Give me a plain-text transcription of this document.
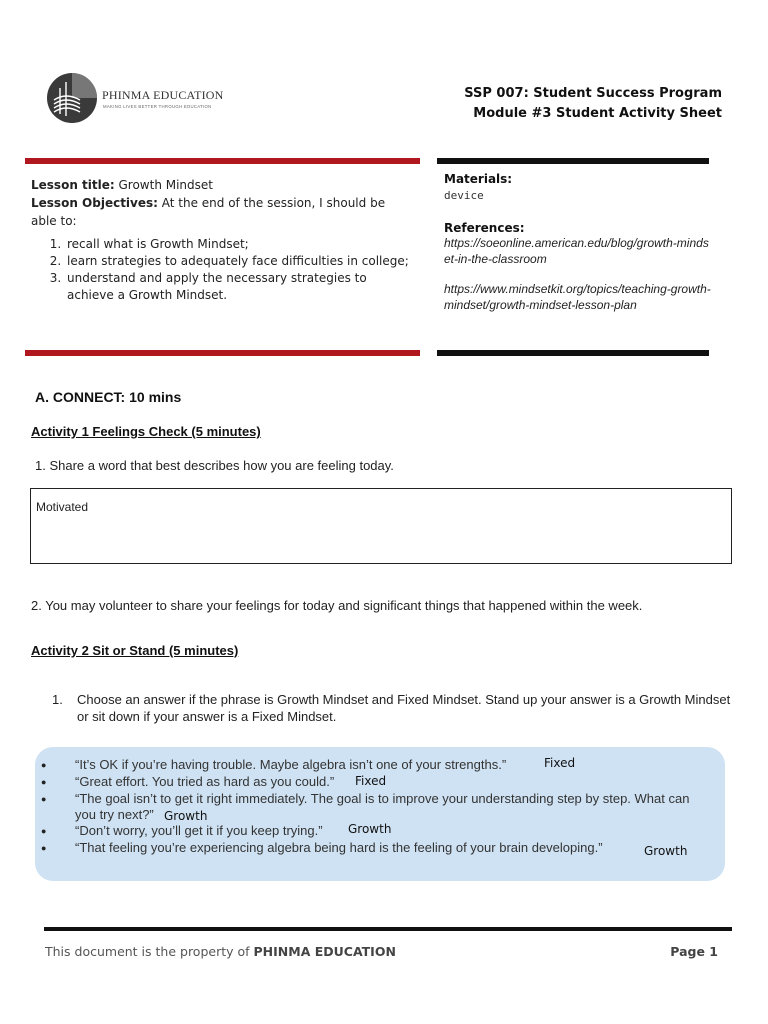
PHINMA EDUCATION
MAKING LIVES BETTER THROUGH EDUCATION
SSP 007: Student Success Program
Module #3 Student Activity Sheet
Lesson title: Growth Mindset
Lesson Objectives: At the end of the session, I should be able to:
1. recall what is Growth Mindset;
2. learn strategies to adequately face difficulties in college;
3. understand and apply the necessary strategies to achieve a Growth Mindset.
Materials:
device
References:
https://soeonline.american.edu/blog/growth-mindset-in-the-classroom
https://www.mindsetkit.org/topics/teaching-growth-mindset/growth-mindset-lesson-plan
A. CONNECT: 10 mins
Activity 1 Feelings Check (5 minutes)
1. Share a word that best describes how you are feeling today.
Motivated
2. You may volunteer to share your feelings for today and significant things that happened within the week.
Activity 2 Sit or Stand (5 minutes)
1. Choose an answer if the phrase is Growth Mindset and Fixed Mindset. Stand up your answer is a Growth Mindset or sit down if your answer is a Fixed Mindset.
● “It’s OK if you’re having trouble. Maybe algebra isn’t one of your strengths.”	Fixed
● “Great effort. You tried as hard as you could.” Fixed
● “The goal isn’t to get it right immediately. The goal is to improve your understanding step by step. What can
you try next?” Growth
● “Don’t worry, you’ll get it if you keep trying.” Growth
● “That feeling you’re experiencing algebra being hard is the feeling of your brain developing.”	Growth
This document is the property of PHINMA EDUCATION	Page 1
